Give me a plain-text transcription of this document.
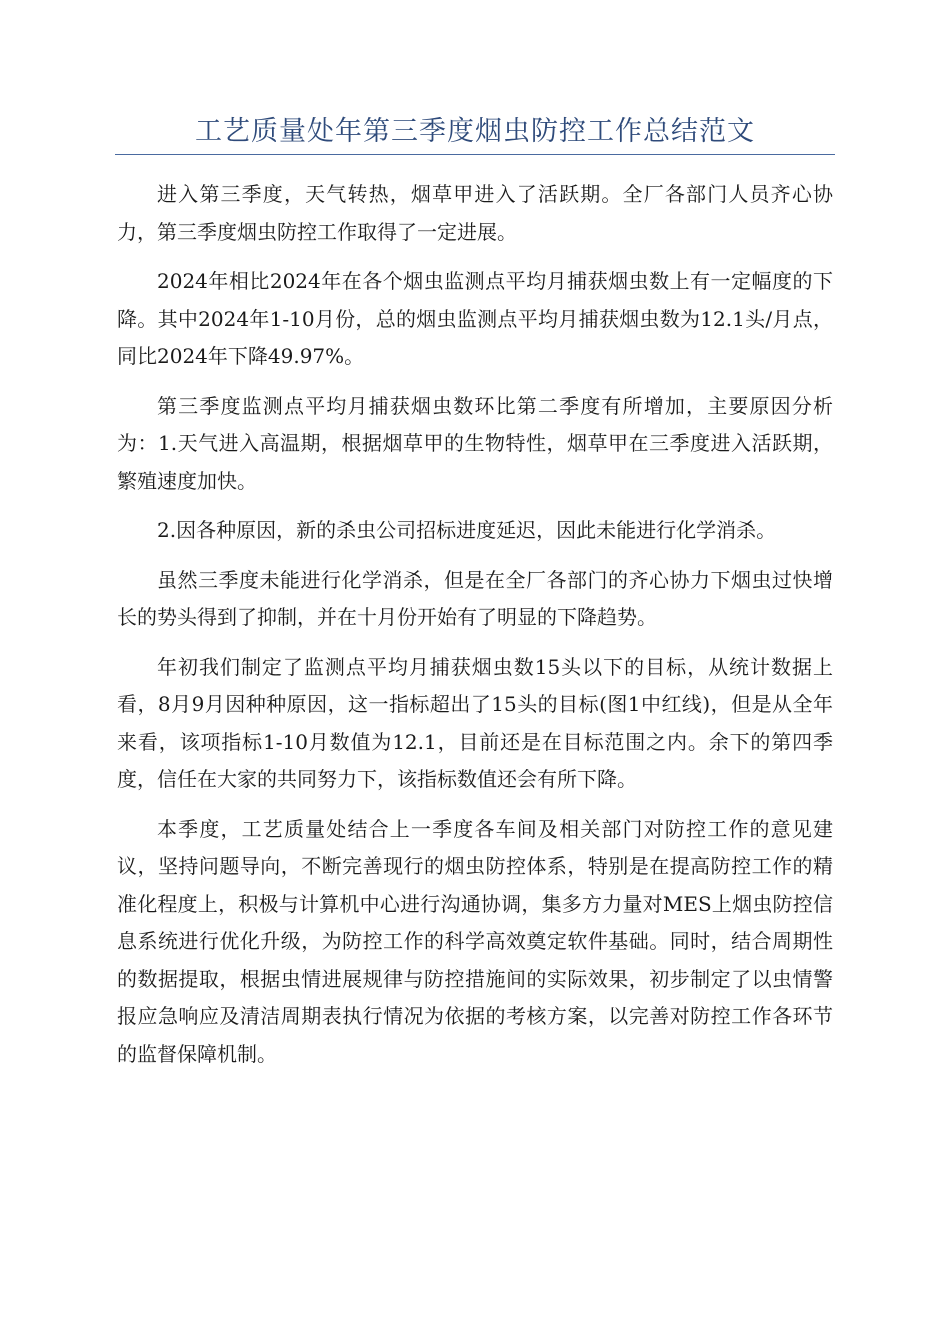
工艺质量处年第三季度烟虫防控工作总结范文

进入第三季度，天气转热，烟草甲进入了活跃期。全厂各部门人员齐心协力，第三季度烟虫防控工作取得了一定进展。

2024年相比2024年在各个烟虫监测点平均月捕获烟虫数上有一定幅度的下降。其中2024年1-10月份，总的烟虫监测点平均月捕获烟虫数为12.1头/月点，同比2024年下降49.97%。

第三季度监测点平均月捕获烟虫数环比第二季度有所增加，主要原因分析为：1.天气进入高温期，根据烟草甲的生物特性，烟草甲在三季度进入活跃期，繁殖速度加快。

2.因各种原因，新的杀虫公司招标进度延迟，因此未能进行化学消杀。

虽然三季度未能进行化学消杀，但是在全厂各部门的齐心协力下烟虫过快增长的势头得到了抑制，并在十月份开始有了明显的下降趋势。

年初我们制定了监测点平均月捕获烟虫数15头以下的目标，从统计数据上看，8月9月因种种原因，这一指标超出了15头的目标(图1中红线)，但是从全年来看，该项指标1-10月数值为12.1，目前还是在目标范围之内。余下的第四季度，信任在大家的共同努力下，该指标数值还会有所下降。

本季度，工艺质量处结合上一季度各车间及相关部门对防控工作的意见建议，坚持问题导向，不断完善现行的烟虫防控体系，特别是在提高防控工作的精准化程度上，积极与计算机中心进行沟通协调，集多方力量对MES上烟虫防控信息系统进行优化升级，为防控工作的科学高效奠定软件基础。同时，结合周期性的数据提取，根据虫情进展规律与防控措施间的实际效果，初步制定了以虫情警报应急响应及清洁周期表执行情况为依据的考核方案，以完善对防控工作各环节的监督保障机制。
